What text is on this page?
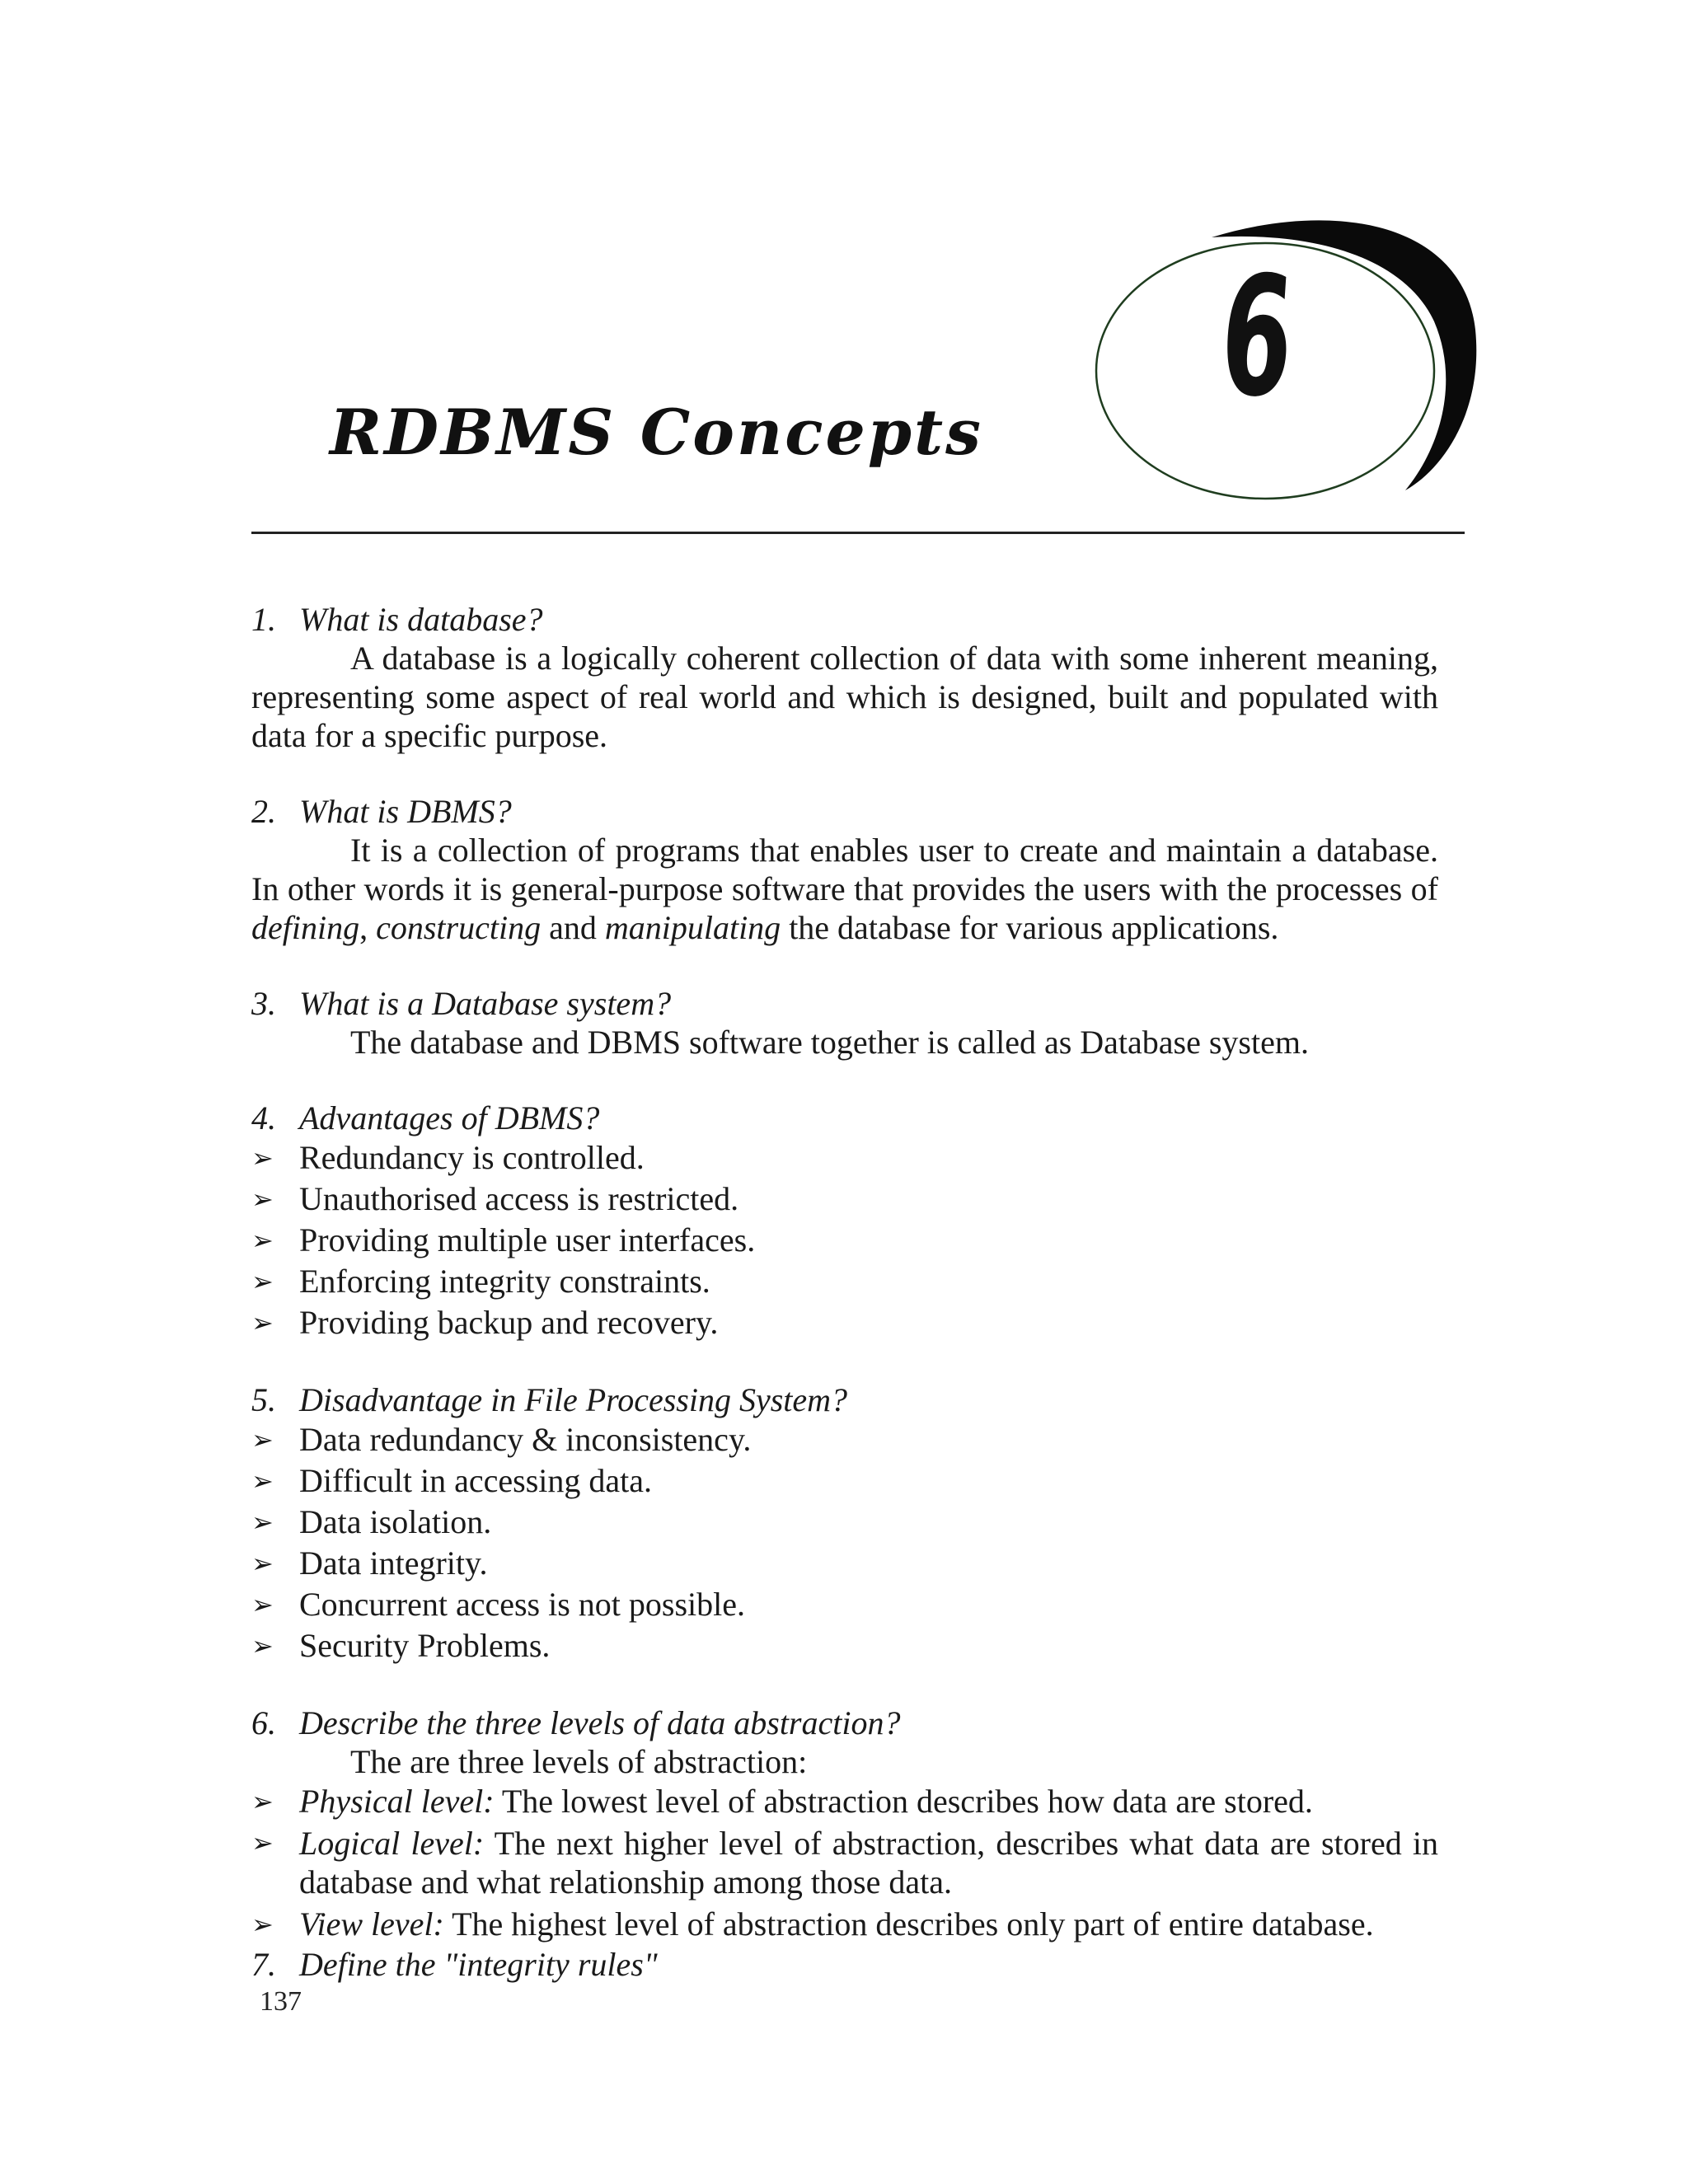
RDBMS Concepts 6
1. What is database?

A database is a logically coherent collection of data with some inherent meaning, representing some aspect of real world and which is designed, built and populated with data for a specific purpose.

2. What is DBMS?

It is a collection of programs that enables user to create and maintain a database. In other words it is general-purpose software that provides the users with the processes of defining, constructing and manipulating the database for various applications.

3. What is a Database system?

The database and DBMS software together is called as Database system.

4. Advantages of DBMS?
➢ Redundancy is controlled.
➢ Unauthorised access is restricted.
➢ Providing multiple user interfaces.
➢ Enforcing integrity constraints.
➢ Providing backup and recovery.
5. Disadvantage in File Processing System?
➢ Data redundancy & inconsistency.
➢ Difficult in accessing data.
➢ Data isolation.
➢ Data integrity.
➢ Concurrent access is not possible.
➢ Security Problems.
6. Describe the three levels of data abstraction?

The are three levels of abstraction:

➢ Physical level: The lowest level of abstraction describes how data are stored.
➢ Logical level: The next higher level of abstraction, describes what data are stored in database and what relationship among those data.
➢ View level: The highest level of abstraction describes only part of entire database.
7. Define the "integrity rules"
137
